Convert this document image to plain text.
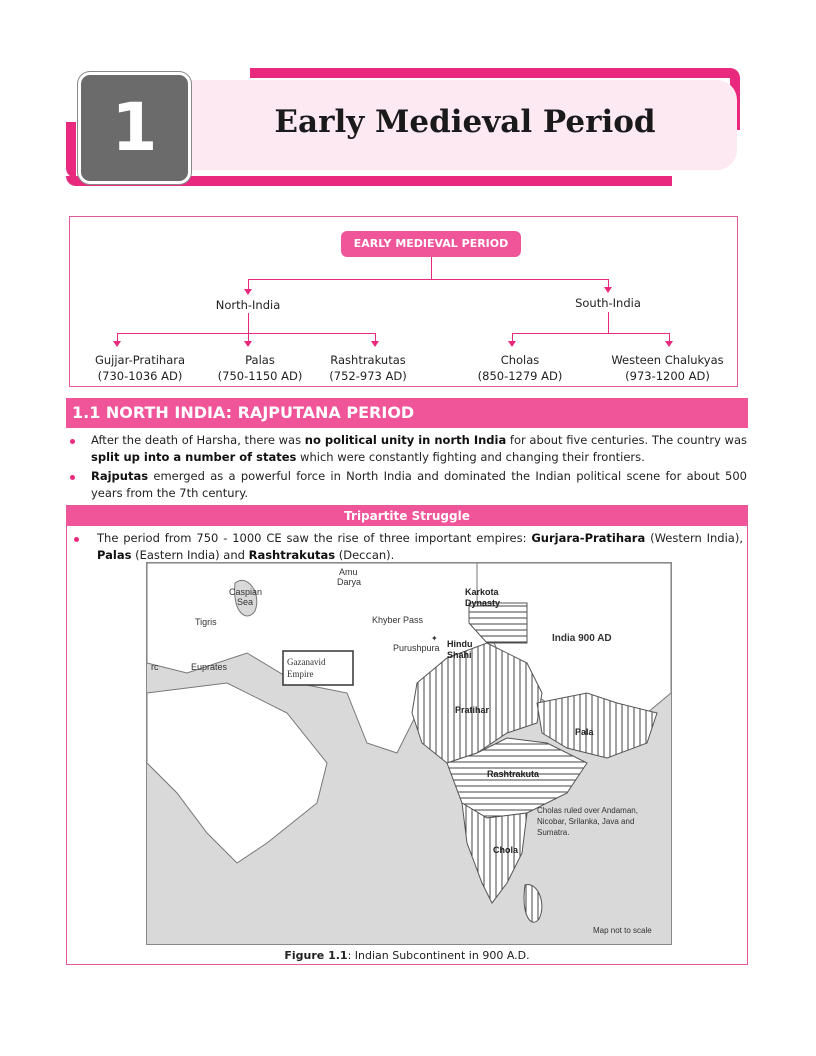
1	Early Medieval Period
EARLY MEDIEVAL PERIOD
North-India	South-India
Gujjar-Pratihara
(730-1036 AD)
Palas
(750-1150 AD)
Rashtrakutas
(752-973 AD)
Cholas
(850-1279 AD)
Westeen Chalukyas
(973-1200 AD)
1.1 NORTH INDIA: RAJPUTANA PERIOD
After the death of Harsha, there was no political unity in north India for about five centuries. The country was split up into a number of states which were constantly fighting and changing their frontiers.
Rajputas emerged as a powerful force in North India and dominated the Indian political scene for about 500 years from the 7th century.
Tripartite Struggle
The period from 750 - 1000 CE saw the rise of three important empires: Gurjara-Pratihara (Western India), Palas (Eastern India) and Rashtrakutas (Deccan).
Caspian
Sea
Amu
Darya
Tigris
Euprates
rc
Khyber Pass
Purushpura
✦
Gazanavid
Empire
India 900 AD
Cholas ruled over Andaman,
Nicobar, Srilanka, Java and
Sumatra.
Map not to scale
Karkota
Dynasty
Hindu
Shahi
Pratihar
Pala
Rashtrakuta
Chola
Figure 1.1: Indian Subcontinent in 900 A.D.
